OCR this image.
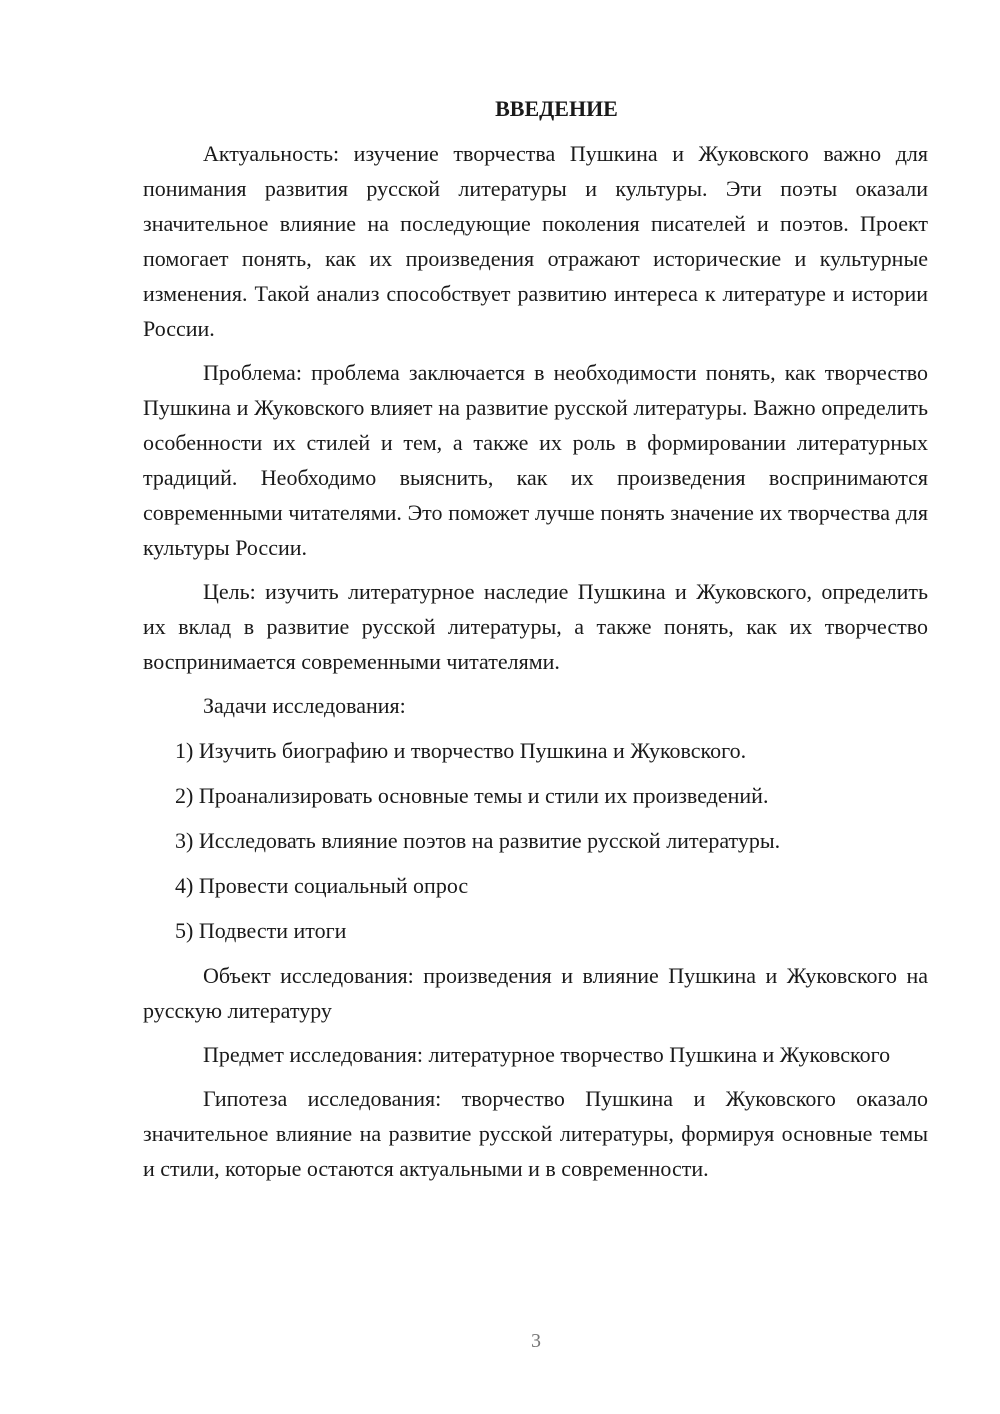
ВВЕДЕНИЕ

Актуальность: изучение творчества Пушкина и Жуковского важно для понимания развития русской литературы и культуры. Эти поэты оказали значительное влияние на последующие поколения писателей и поэтов. Проект помогает понять, как их произведения отражают исторические и культурные изменения. Такой анализ способствует развитию интереса к литературе и истории России.

Проблема: проблема заключается в необходимости понять, как творчество Пушкина и Жуковского влияет на развитие русской литературы. Важно определить особенности их стилей и тем, а также их роль в формировании литературных традиций. Необходимо выяснить, как их произведения воспринимаются современными читателями. Это поможет лучше понять значение их творчества для культуры России.

Цель: изучить литературное наследие Пушкина и Жуковского, определить их вклад в развитие русской литературы, а также понять, как их творчество воспринимается современными читателями.

Задачи исследования:

1) Изучить биографию и творчество Пушкина и Жуковского.
2) Проанализировать основные темы и стили их произведений.
3) Исследовать влияние поэтов на развитие русской литературы.
4) Провести социальный опрос
5) Подвести итоги

Объект исследования: произведения и влияние Пушкина и Жуковского на русскую литературу

Предмет исследования: литературное творчество Пушкина и Жуковского

Гипотеза исследования: творчество Пушкина и Жуковского оказало значительное влияние на развитие русской литературы, формируя основные темы и стили, которые остаются актуальными и в современности.

3
